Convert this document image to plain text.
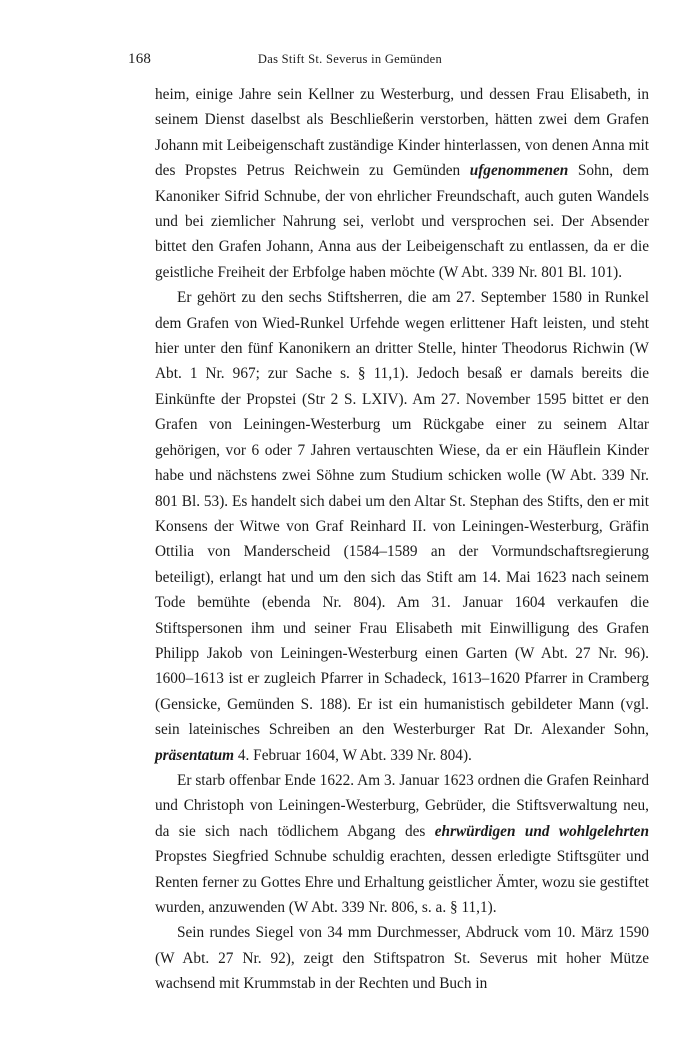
168	Das Stift St. Severus in Gemünden

heim, einige Jahre sein Kellner zu Westerburg, und dessen Frau Elisabeth, in seinem Dienst daselbst als Beschließerin verstorben, hätten zwei dem Grafen Johann mit Leibeigenschaft zuständige Kinder hinterlassen, von denen Anna mit des Propstes Petrus Reichwein zu Gemünden ufgenommenen Sohn, dem Kanoniker Sifrid Schnube, der von ehrlicher Freundschaft, auch guten Wandels und bei ziemlicher Nahrung sei, verlobt und versprochen sei. Der Absender bittet den Grafen Johann, Anna aus der Leibeigenschaft zu entlassen, da er die geistliche Freiheit der Erbfolge haben möchte (W Abt. 339 Nr. 801 Bl. 101).

Er gehört zu den sechs Stiftsherren, die am 27. September 1580 in Runkel dem Grafen von Wied-Runkel Urfehde wegen erlittener Haft leisten, und steht hier unter den fünf Kanonikern an dritter Stelle, hinter Theodorus Richwin (W Abt. 1 Nr. 967; zur Sache s. § 11,1). Jedoch besaß er damals bereits die Einkünfte der Propstei (Str 2 S. LXIV). Am 27. November 1595 bittet er den Grafen von Leiningen-Westerburg um Rückgabe einer zu seinem Altar gehörigen, vor 6 oder 7 Jahren vertauschten Wiese, da er ein Häuflein Kinder habe und nächstens zwei Söhne zum Studium schicken wolle (W Abt. 339 Nr. 801 Bl. 53). Es handelt sich dabei um den Altar St. Stephan des Stifts, den er mit Konsens der Witwe von Graf Reinhard II. von Leiningen-Westerburg, Gräfin Ottilia von Manderscheid (1584–1589 an der Vormundschaftsregierung beteiligt), erlangt hat und um den sich das Stift am 14. Mai 1623 nach seinem Tode bemühte (ebenda Nr. 804). Am 31. Januar 1604 verkaufen die Stiftspersonen ihm und seiner Frau Elisabeth mit Einwilligung des Grafen Philipp Jakob von Leiningen-Westerburg einen Garten (W Abt. 27 Nr. 96). 1600–1613 ist er zugleich Pfarrer in Schadeck, 1613–1620 Pfarrer in Cramberg (Gensicke, Gemünden S. 188). Er ist ein humanistisch gebildeter Mann (vgl. sein lateinisches Schreiben an den Westerburger Rat Dr. Alexander Sohn, präsentatum 4. Februar 1604, W Abt. 339 Nr. 804).

Er starb offenbar Ende 1622. Am 3. Januar 1623 ordnen die Grafen Reinhard und Christoph von Leiningen-Westerburg, Gebrüder, die Stiftsverwaltung neu, da sie sich nach tödlichem Abgang des ehrwürdigen und wohlgelehrten Propstes Siegfried Schnube schuldig erachten, dessen erledigte Stiftsgüter und Renten ferner zu Gottes Ehre und Erhaltung geistlicher Ämter, wozu sie gestiftet wurden, anzuwenden (W Abt. 339 Nr. 806, s. a. § 11,1).

Sein rundes Siegel von 34 mm Durchmesser, Abdruck vom 10. März 1590 (W Abt. 27 Nr. 92), zeigt den Stiftspatron St. Severus mit hoher Mütze wachsend mit Krummstab in der Rechten und Buch in
